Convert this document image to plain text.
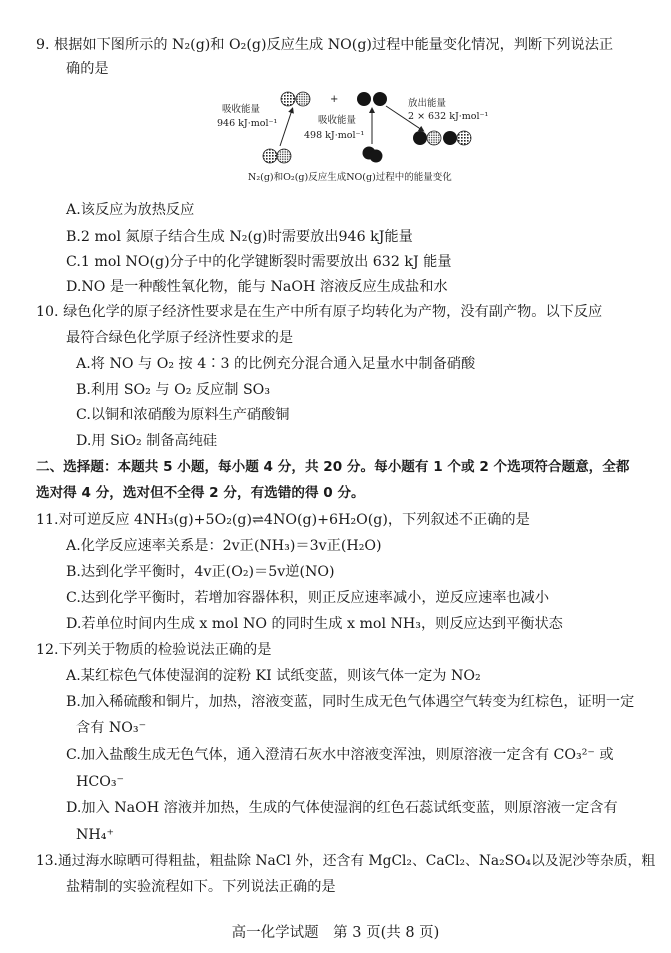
9. 根据如下图所示的 N₂(g)和 O₂(g)反应生成 NO(g)过程中能量变化情况，判断下列说法正
确的是
+
吸收能量
946 kJ·mol⁻¹	吸收能量
498 kJ·mol⁻¹
放出能量
2 × 632 kJ·mol⁻¹
N₂(g)和O₂(g)反应生成NO(g)过程中的能量变化
A.该反应为放热反应
B.2 mol 氮原子结合生成 N₂(g)时需要放出946 kJ能量
C.1 mol NO(g)分子中的化学键断裂时需要放出 632 kJ 能量
D.NO 是一种酸性氧化物，能与 NaOH 溶液反应生成盐和水
10. 绿色化学的原子经济性要求是在生产中所有原子均转化为产物，没有副产物。以下反应
最符合绿色化学原子经济性要求的是
A.将 NO 与 O₂ 按 4∶3 的比例充分混合通入足量水中制备硝酸
B.利用 SO₂ 与 O₂ 反应制 SO₃
C.以铜和浓硝酸为原料生产硝酸铜
D.用 SiO₂ 制备高纯硅
二、选择题：本题共 5 小题，每小题 4 分，共 20 分。每小题有 1 个或 2 个选项符合题意，全都
选对得 4 分，选对但不全得 2 分，有选错的得 0 分。
11.对可逆反应 4NH₃(g)+5O₂(g)⇌4NO(g)+6H₂O(g)，下列叙述不正确的是
A.化学反应速率关系是：2v正(NH₃)＝3v正(H₂O)
B.达到化学平衡时，4v正(O₂)＝5v逆(NO)
C.达到化学平衡时，若增加容器体积，则正反应速率减小，逆反应速率也减小
D.若单位时间内生成 x mol NO 的同时生成 x mol NH₃，则反应达到平衡状态
12.下列关于物质的检验说法正确的是
A.某红棕色气体使湿润的淀粉 KI 试纸变蓝，则该气体一定为 NO₂
B.加入稀硫酸和铜片，加热，溶液变蓝，同时生成无色气体遇空气转变为红棕色，证明一定
含有 NO₃⁻
C.加入盐酸生成无色气体，通入澄清石灰水中溶液变浑浊，则原溶液一定含有 CO₃²⁻ 或
HCO₃⁻
D.加入 NaOH 溶液并加热，生成的气体使湿润的红色石蕊试纸变蓝，则原溶液一定含有
NH₄⁺
13.通过海水晾晒可得粗盐，粗盐除 NaCl 外，还含有 MgCl₂、CaCl₂、Na₂SO₄以及泥沙等杂质，粗
盐精制的实验流程如下。下列说法正确的是
高一化学试题　第 3 页(共 8 页)
